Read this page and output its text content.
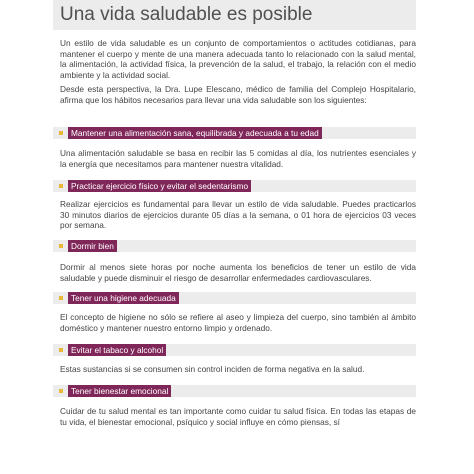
Una vida saludable es posible

Un estilo de vida saludable es un conjunto de comportamientos o actitudes cotidianas, para mantener el cuerpo y mente de una manera adecuada tanto lo relacionado con la salud mental, la alimentación, la actividad física, la prevención de la salud, el trabajo, la relación con el medio ambiente y la actividad social.

Desde esta perspectiva, la Dra. Lupe Elescano, médico de familia del Complejo Hospitalario, afirma que los hábitos necesarios para llevar una vida saludable son los siguientes:

Mantener una alimentación sana, equilibrada y adecuada a tu edad

Una alimentación saludable se basa en recibir las 5 comidas al día, los nutrientes esenciales y la energía que necesitamos para mantener nuestra vitalidad.

Practicar ejercicio físico y evitar el sedentarismo

Realizar ejercicios es fundamental para llevar un estilo de vida saludable. Puedes practicarlos 30 minutos diarios de ejercicios durante 05 días a la semana, o 01 hora de ejercicios 03 veces por semana.

Dormir bien

Dormir al menos siete horas por noche aumenta los beneficios de tener un estilo de vida saludable y puede disminuir el riesgo de desarrollar enfermedades cardiovasculares.

Tener una higiene adecuada

El concepto de higiene no sólo se refiere al aseo y limpieza del cuerpo, sino también al ámbito doméstico y mantener nuestro entorno limpio y ordenado.

Evitar el tabaco y alcohol

Estas sustancias si se consumen sin control inciden de forma negativa en la salud.

Tener bienestar emocional

Cuidar de tu salud mental es tan importante como cuidar tu salud física. En todas las etapas de tu vida, el bienestar emocional, psíquico y social influye en cómo piensas, sí
